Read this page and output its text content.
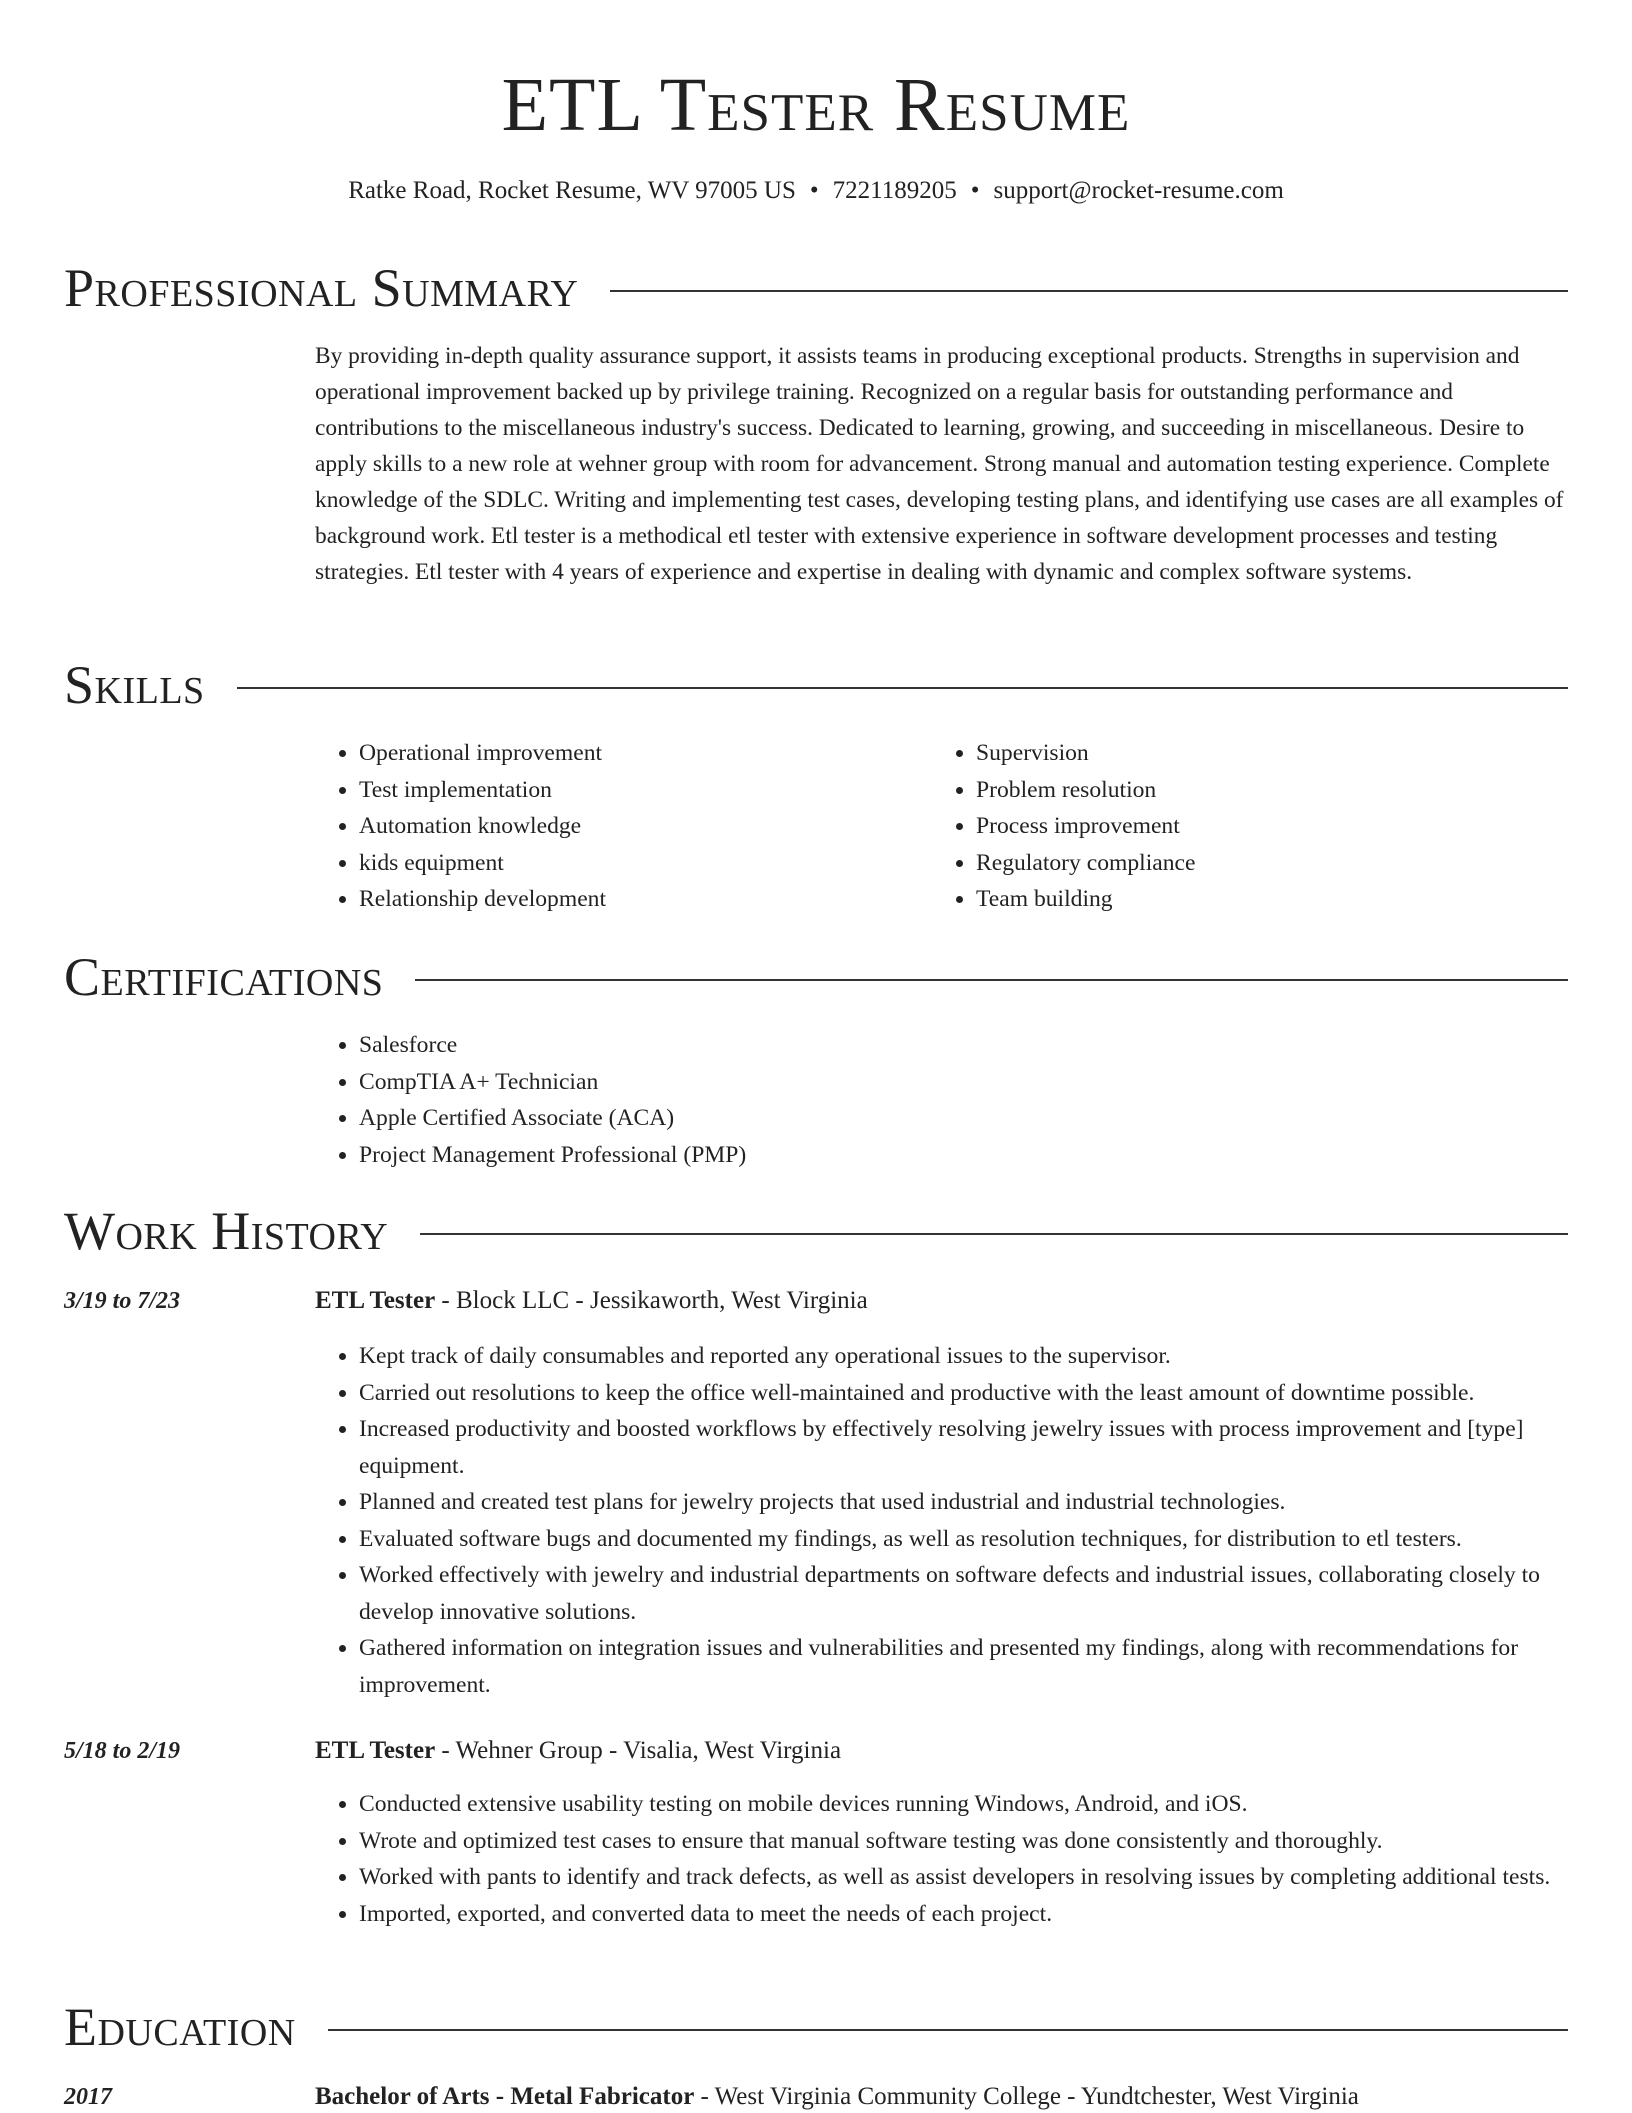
ETL Tester Resume
Ratke Road, Rocket Resume, WV 97005 US • 7221189205 • support@rocket-resume.com
Professional Summary

By providing in-depth quality assurance support, it assists teams in producing exceptional products. Strengths in supervision and operational improvement backed up by privilege training. Recognized on a regular basis for outstanding performance and contributions to the miscellaneous industry's success. Dedicated to learning, growing, and succeeding in miscellaneous. Desire to apply skills to a new role at wehner group with room for advancement. Strong manual and automation testing experience. Complete knowledge of the SDLC. Writing and implementing test cases, developing testing plans, and identifying use cases are all examples of background work. Etl tester is a methodical etl tester with extensive experience in software development processes and testing strategies. Etl tester with 4 years of experience and expertise in dealing with dynamic and complex software systems.

Skills
• Operational improvement
• Test implementation
• Automation knowledge
• kids equipment
• Relationship development
• Supervision
• Problem resolution
• Process improvement
• Regulatory compliance
• Team building
Certifications
• Salesforce
• CompTIA A+ Technician
• Apple Certified Associate (ACA)
• Project Management Professional (PMP)
Work History
3/19 to 7/23	ETL Tester - Block LLC - Jessikaworth, West Virginia
• Kept track of daily consumables and reported any operational issues to the supervisor.
• Carried out resolutions to keep the office well-maintained and productive with the least amount of downtime possible.
• Increased productivity and boosted workflows by effectively resolving jewelry issues with process improvement and [type] equipment.
• Planned and created test plans for jewelry projects that used industrial and industrial technologies.
• Evaluated software bugs and documented my findings, as well as resolution techniques, for distribution to etl testers.
• Worked effectively with jewelry and industrial departments on software defects and industrial issues, collaborating closely to develop innovative solutions.
• Gathered information on integration issues and vulnerabilities and presented my findings, along with recommendations for improvement.
5/18 to 2/19	ETL Tester - Wehner Group - Visalia, West Virginia
• Conducted extensive usability testing on mobile devices running Windows, Android, and iOS.
• Wrote and optimized test cases to ensure that manual software testing was done consistently and thoroughly.
• Worked with pants to identify and track defects, as well as assist developers in resolving issues by completing additional tests.
• Imported, exported, and converted data to meet the needs of each project.
Education
2017	Bachelor of Arts - Metal Fabricator - West Virginia Community College - Yundtchester, West Virginia
